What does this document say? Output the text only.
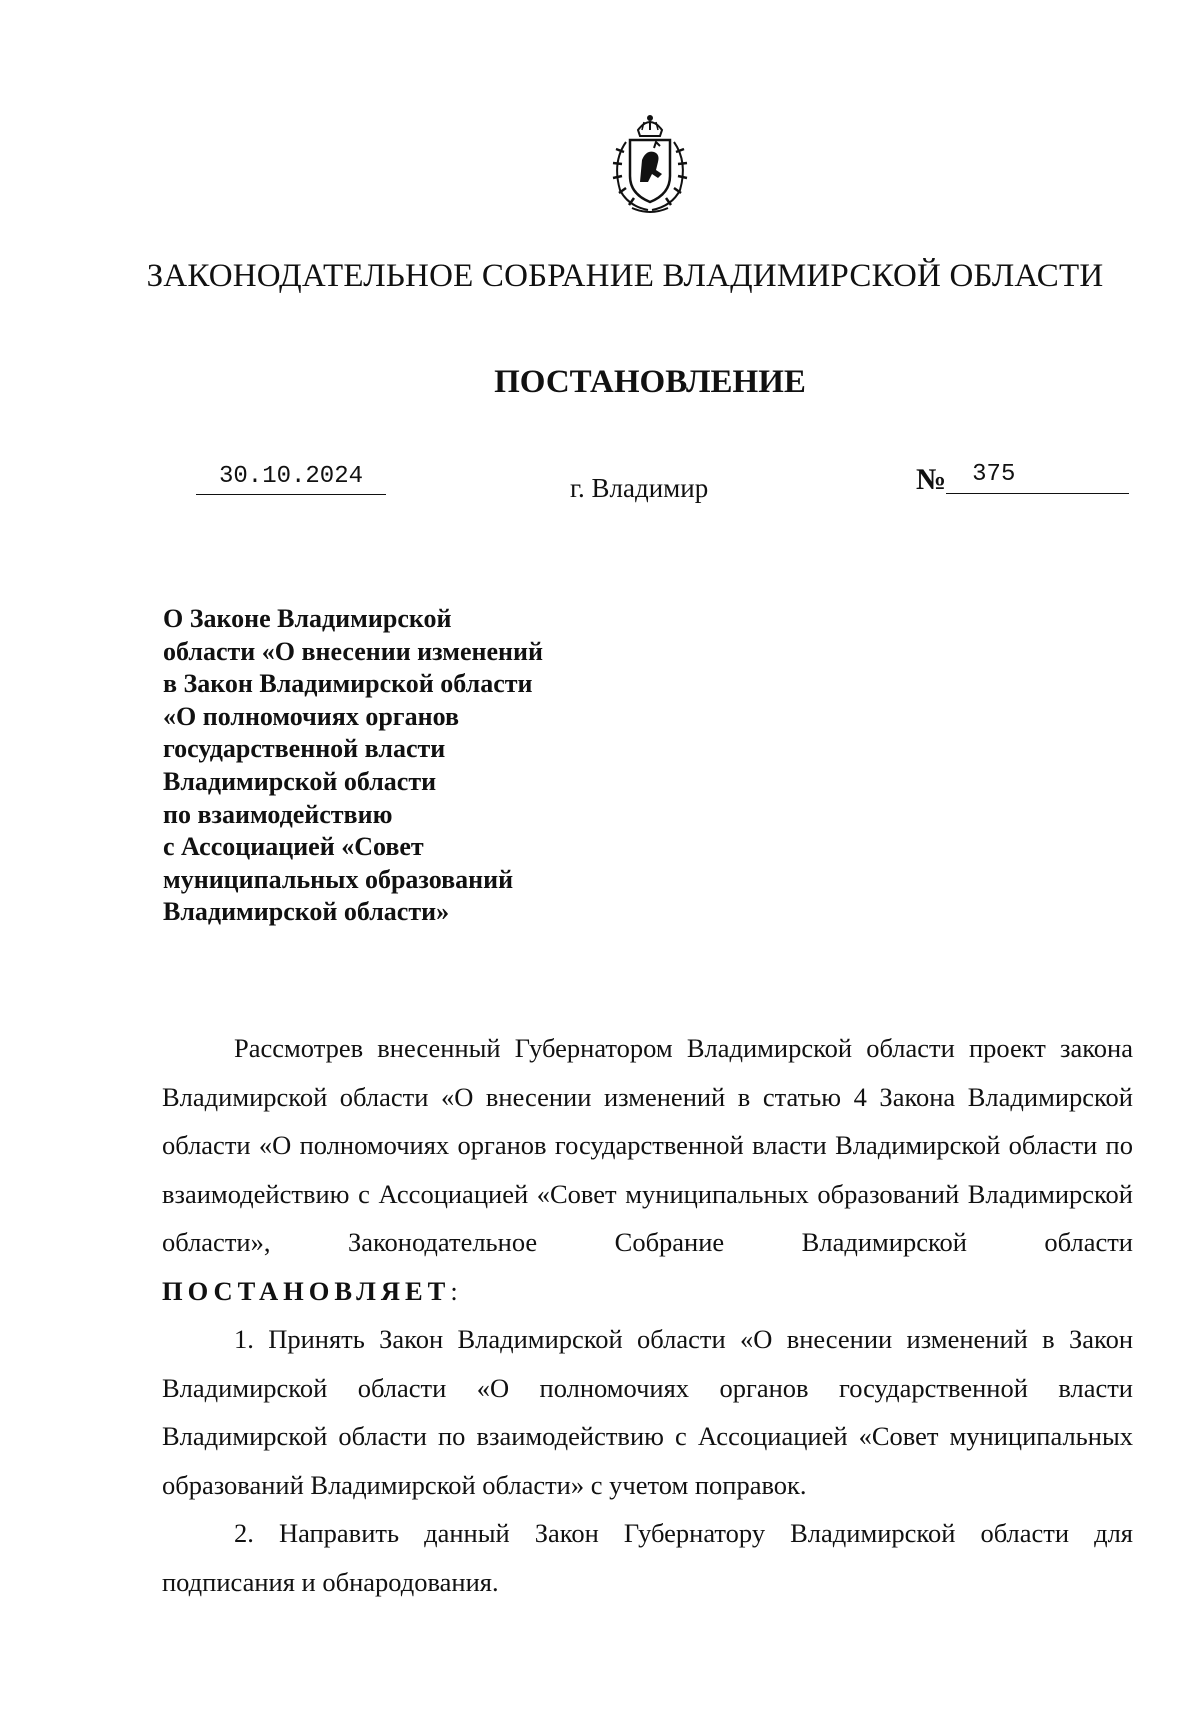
ЗАКОНОДАТЕЛЬНОЕ СОБРАНИЕ ВЛАДИМИРСКОЙ ОБЛАСТИ
ПОСТАНОВЛЕНИЕ
30.10.2024	г. Владимир	№	375
О Законе Владимирской
области «О внесении изменений
в Закон Владимирской области
«О полномочиях органов
государственной власти
Владимирской области
по взаимодействию
с Ассоциацией «Совет
муниципальных образований
Владимирской области»

Рассмотрев внесенный Губернатором Владимирской области проект закона Владимирской области «О внесении изменений в статью 4 Закона Владимирской области «О полномочиях органов государственной власти Владимирской области по взаимодействию с Ассоциацией «Совет муниципальных образований Владимирской области», Законодательное Собрание Владимирской области ПОСТАНОВЛЯЕТ:

1. Принять Закон Владимирской области «О внесении изменений в Закон Владимирской области «О полномочиях органов государственной власти Владимирской области по взаимодействию с Ассоциацией «Совет муниципальных образований Владимирской области» с учетом поправок.

2. Направить данный Закон Губернатору Владимирской области для подписания и обнародования.
